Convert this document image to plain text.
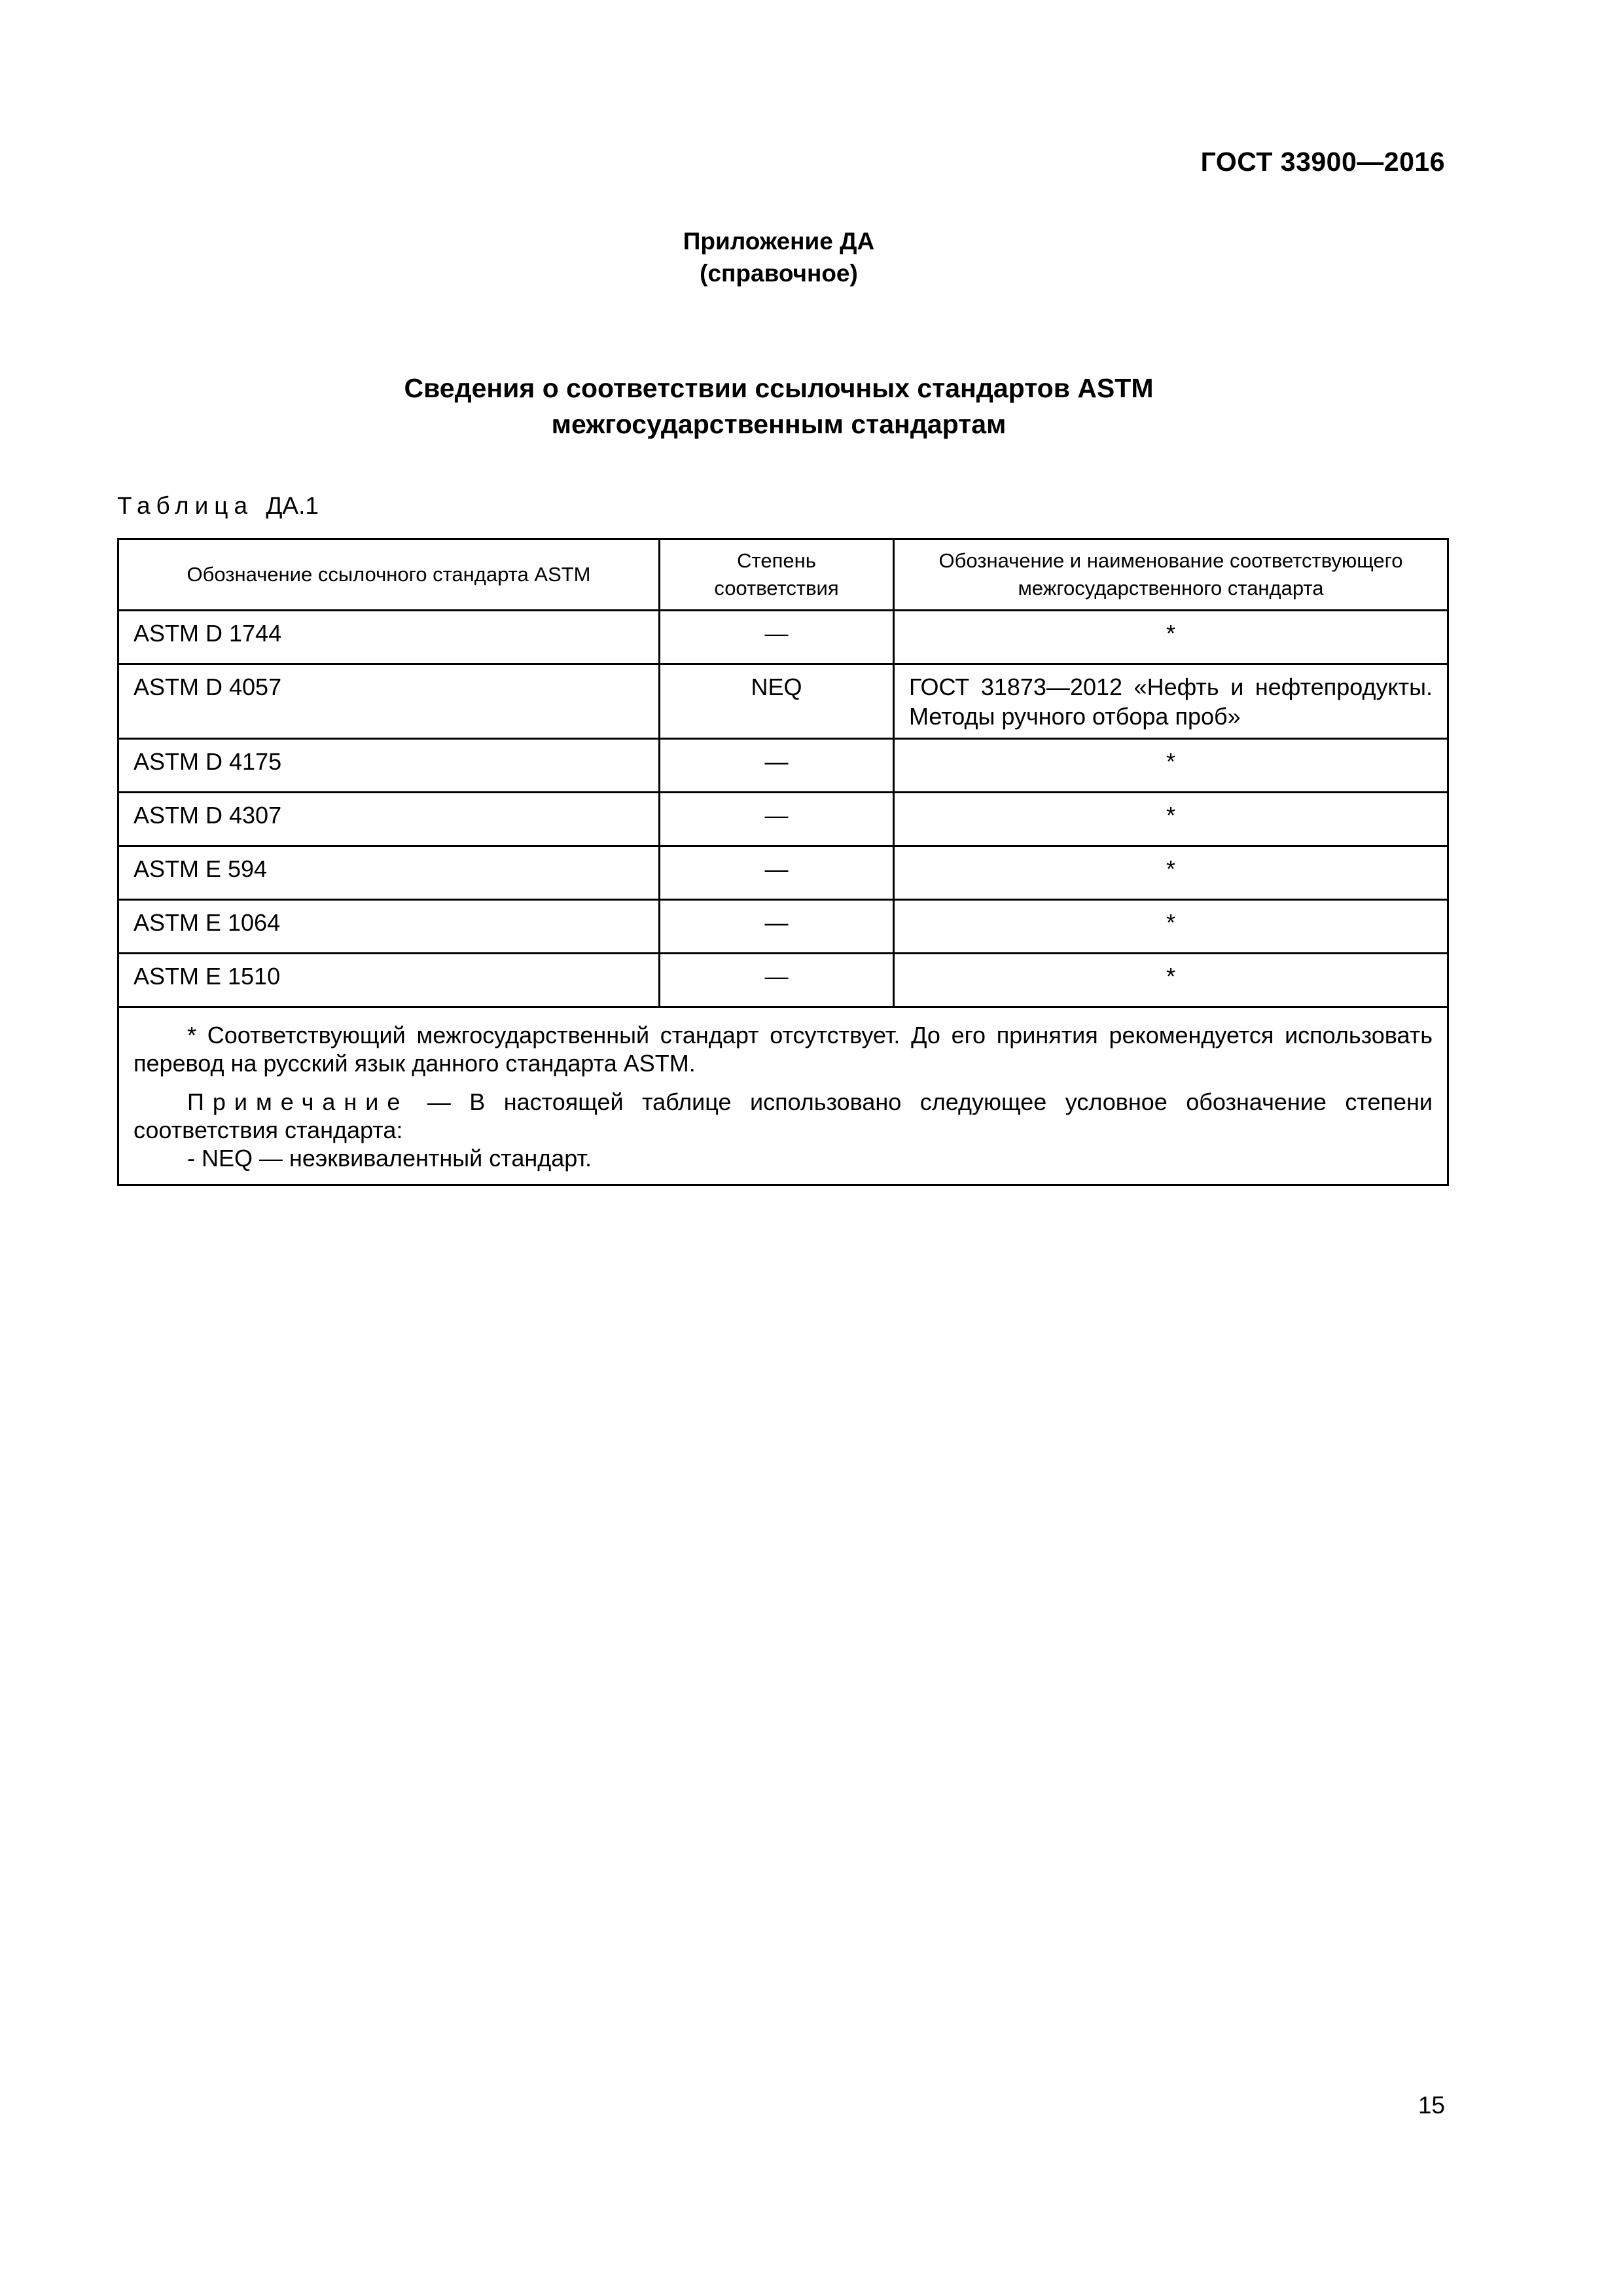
ГОСТ 33900—2016
Приложение ДА
(справочное)
Сведения о соответствии ссылочных стандартов ASTM
межгосударственным стандартам
Таблица ДА.1
Обозначение ссылочного стандарта ASTM	Степень соответствия	Обозначение и наименование соответствующего межгосударственного стандарта
ASTM D 1744	—	*
ASTM D 4057	NEQ	ГОСТ 31873—2012 «Нефть и нефтепродукты. Методы ручного отбора проб»
ASTM D 4175	—	*
ASTM D 4307	—	*
ASTM E 594	—	*
ASTM E 1064	—	*
ASTM E 1510	—	*

* Соответствующий межгосударственный стандарт отсутствует. До его принятия рекомендуется использовать перевод на русский язык данного стандарта ASTM.

Примечание — В настоящей таблице использовано следующее условное обозначение степени соответствия стандарта:

- NEQ — неэквивалентный стандарт.		

15
